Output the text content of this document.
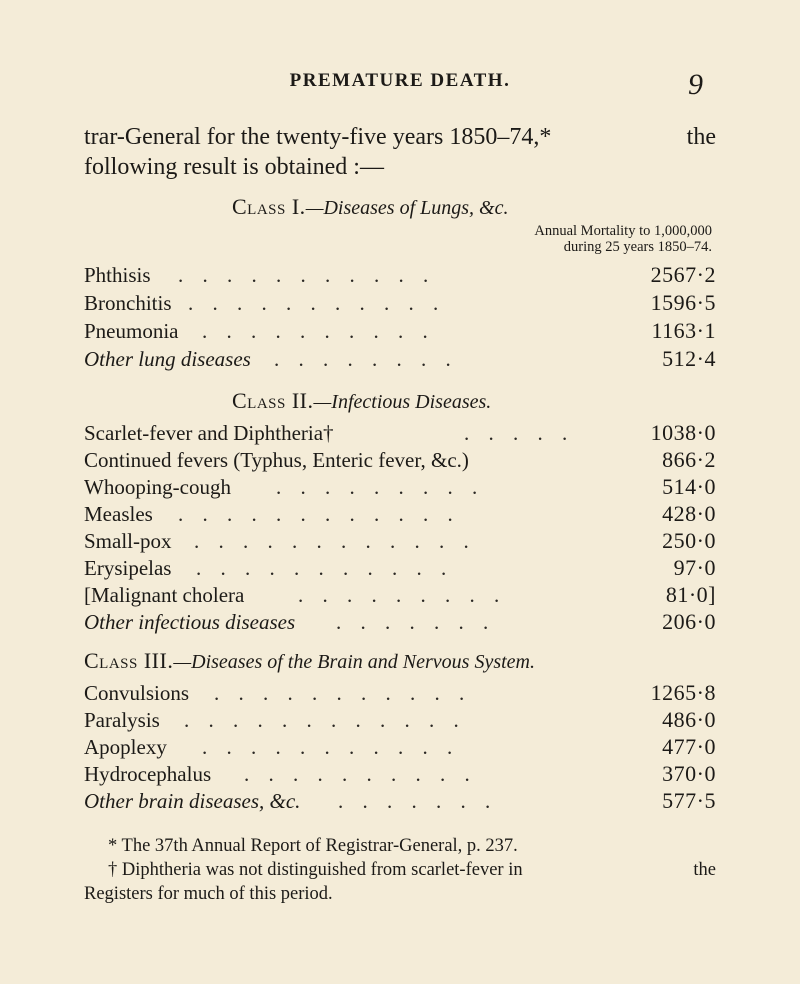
PREMATURE DEATH.	9
trar-General for the twenty-five years 1850–74,*	the
following result is obtained :—
Class I.—Diseases of Lungs, &c.
Annual Mortality to 1,000,000
during 25 years 1850–74.
Phthisis . . . . . . . . . . .	2567·2
Bronchitis . . . . . . . . . . .	1596·5
Pneumonia . . . . . . . . . .	1163·1
Other lung diseases . . . . . . . .	512·4
Class II.—Infectious Diseases.
Scarlet-fever and Diphtheria†	. . . . .	1038·0
Continued fevers (Typhus, Enteric fever, &c.)	866·2
Whooping-cough . . . . . . . . .	514·0
Measles . . . . . . . . . . . .	428·0
Small-pox . . . . . . . . . . . .	250·0
Erysipelas . . . . . . . . . . .	97·0
[Malignant cholera	. . . . . . . . .	81·0]
Other infectious diseases . . . . . . .	206·0
Class III.—Diseases of the Brain and Nervous System.
Convulsions . . . . . . . . . . .	1265·8
Paralysis . . . . . . . . . . . .	486·0
Apoplexy . . . . . . . . . . .	477·0
Hydrocephalus . . . . . . . . . .	370·0
Other brain diseases, &c. . . . . . . .	577·5
* The 37th Annual Report of Registrar-General, p. 237.
† Diphtheria was not distinguished from scarlet-fever in	the
Registers for much of this period.
